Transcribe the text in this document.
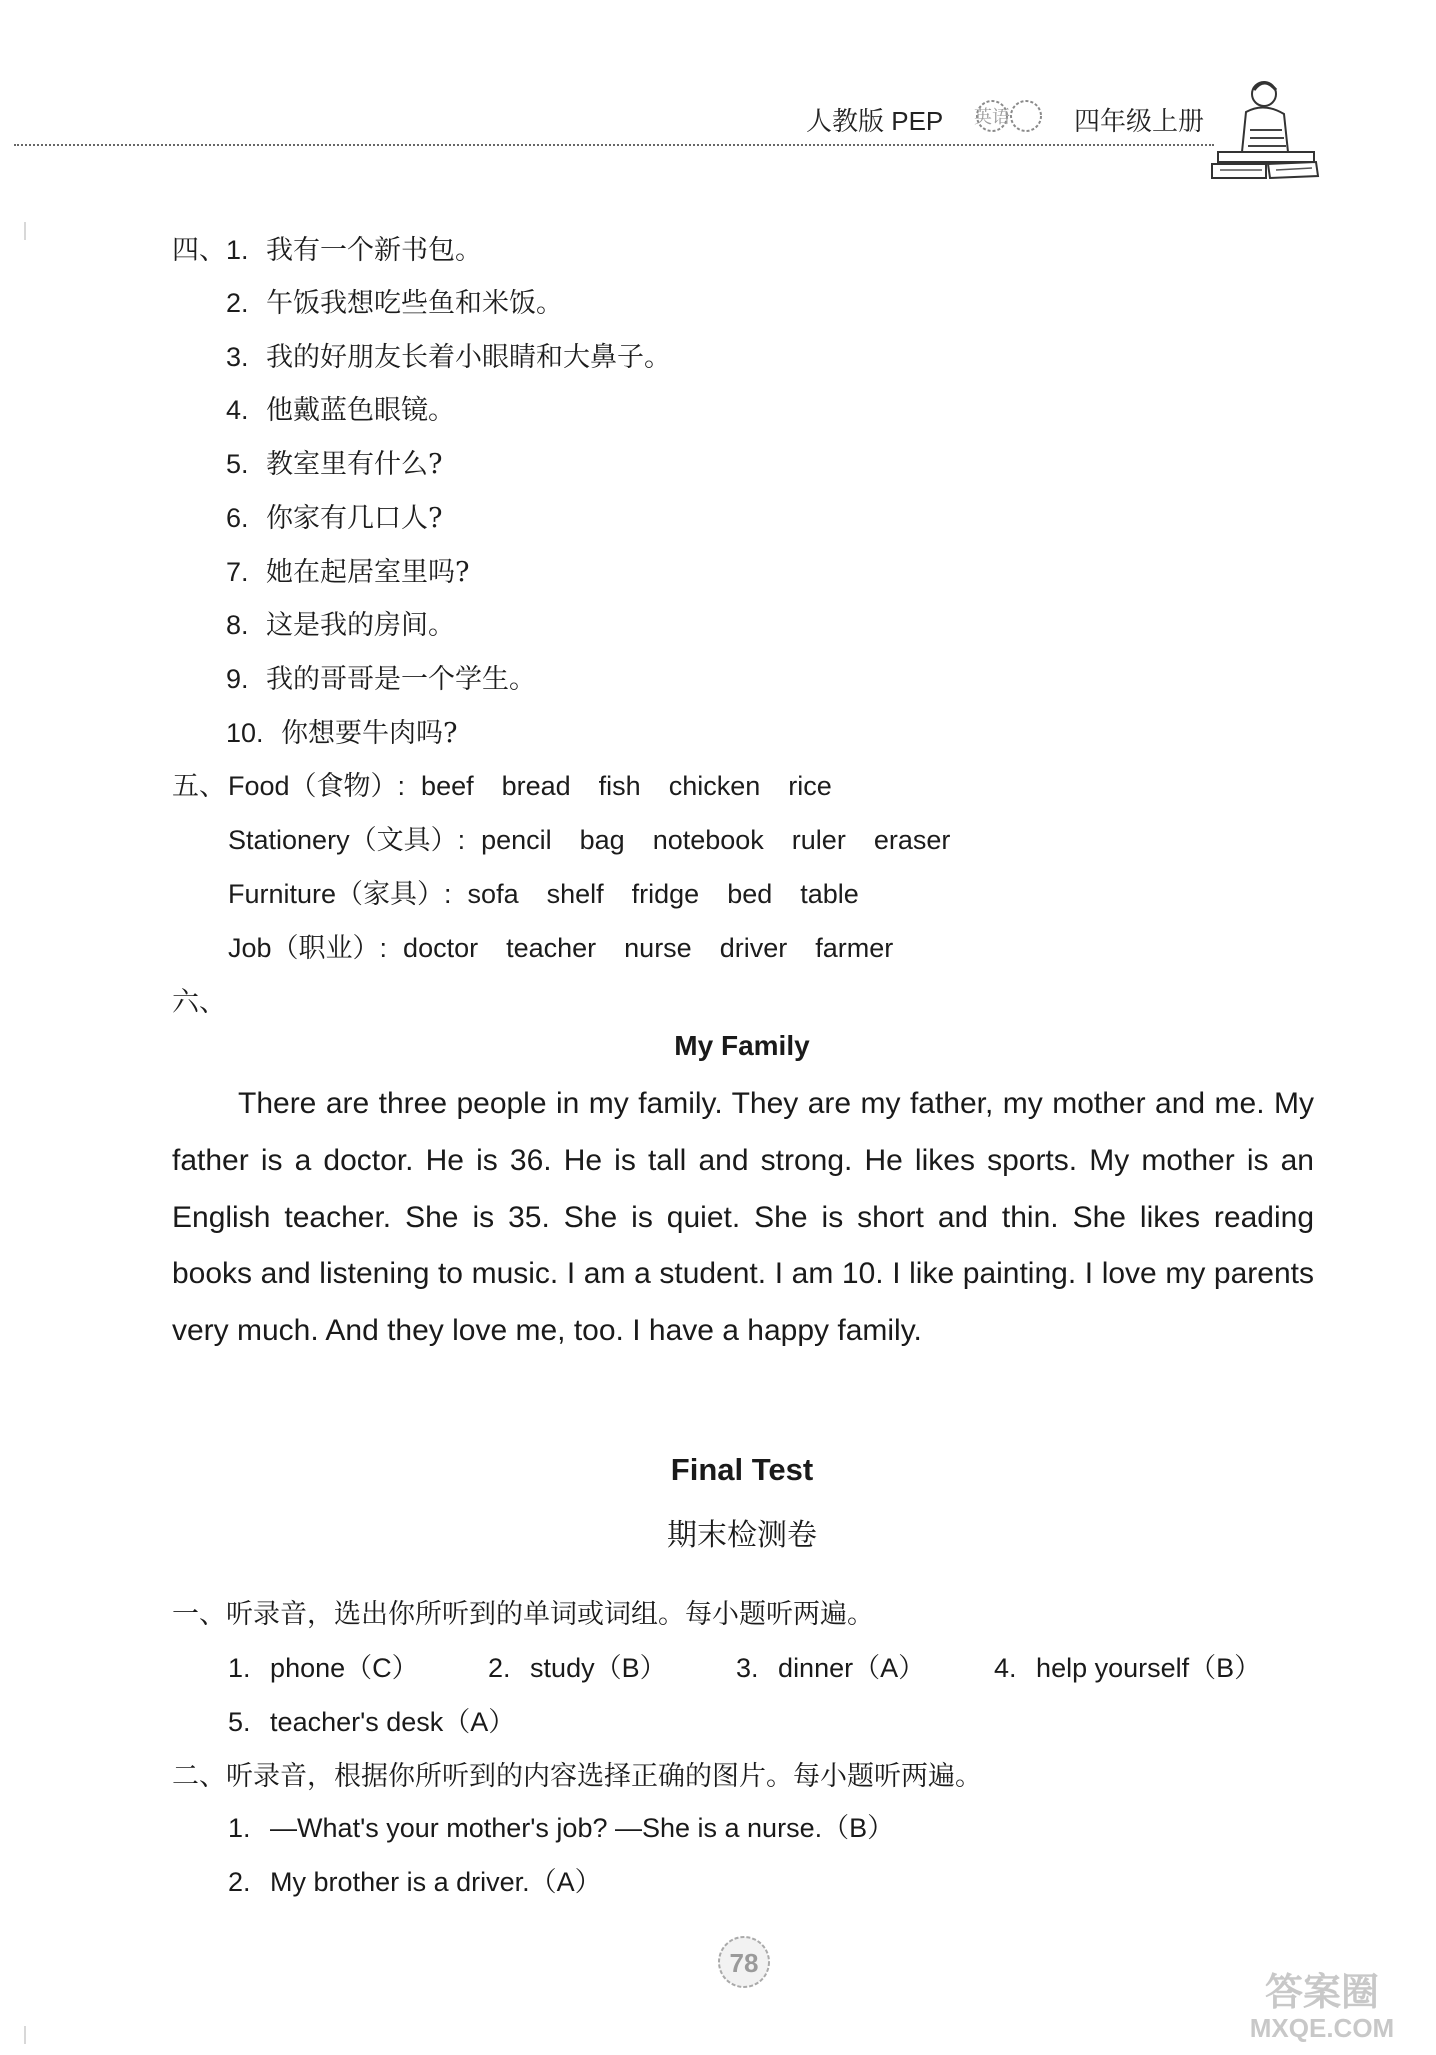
人教版 PEP 英语 四年级上册
四、 1. 我有一个新书包。
2. 午饭我想吃些鱼和米饭。
3. 我的好朋友长着小眼睛和大鼻子。
4. 他戴蓝色眼镜。
5. 教室里有什么?
6. 你家有几口人?
7. 她在起居室里吗?
8. 这是我的房间。
9. 我的哥哥是一个学生。
10. 你想要牛肉吗?
五、 Food（食物）: beef bread fish chicken rice
Stationery（文具）: pencil bag notebook ruler eraser
Furniture（家具）: sofa shelf fridge bed table
Job（职业）: doctor teacher nurse driver farmer
六、
My Family
There are three people in my family. They are my father, my mother and me. My father is a doctor. He is 36. He is tall and strong. He likes sports. My mother is an English teacher. She is 35. She is quiet. She is short and thin. She likes reading books and listening to music. I am a student. I am 10. I like painting. I love my parents very much. And they love me, too. I have a happy family.
Final Test
期末检测卷
一、听录音，选出你所听到的单词或词组。每小题听两遍。
1. phone（C）	2. study（B）	3. dinner（A）	4. help yourself（B）
5. teacher's desk（A）
二、听录音，根据你所听到的内容选择正确的图片。每小题听两遍。
1. —What's your mother's job? —She is a nurse.（B）
2. My brother is a driver.（A）
78
答案圈
MXQE.COM
